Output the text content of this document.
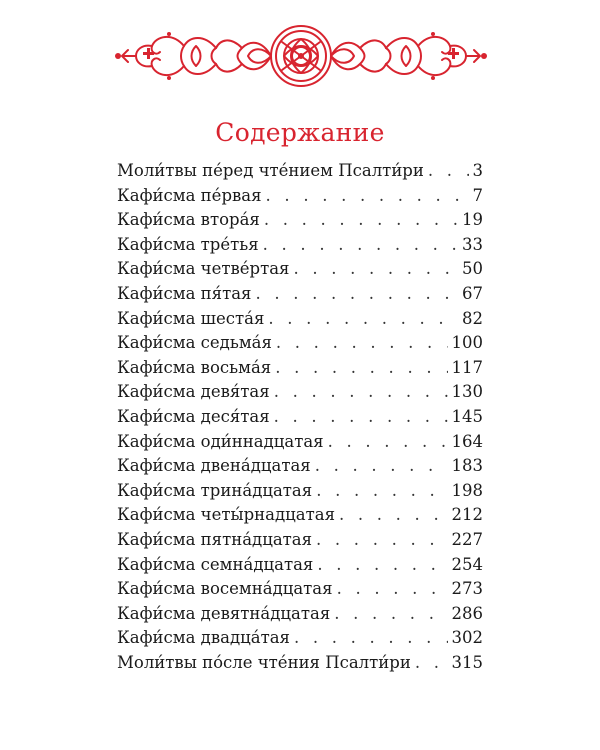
Содержание
Моли́твы пе́ред чте́нием Псалти́ри . . .	3
Кафи́сма пе́рвая . . .	7
Кафи́сма втора́я . . .	19
Кафи́сма тре́тья . . .	33
Кафи́сма четве́ртая . . .	50
Кафи́сма пя́тая . . .	67
Кафи́сма шеста́я . . .	82
Кафи́сма седьма́я . . .	100
Кафи́сма восьма́я . . .	117
Кафи́сма девя́тая . . .	130
Кафи́сма деся́тая . . .	145
Кафи́сма оди́ннадцатая . . .	164
Кафи́сма двена́дцатая . . .	183
Кафи́сма трина́дцатая . . .	198
Кафи́сма четы́рнадцатая . . .	212
Кафи́сма пятна́дцатая . . .	227
Кафи́сма семна́дцатая . . .	254
Кафи́сма восемна́дцатая . . .	273
Кафи́сма девятна́дцатая . . .	286
Кафи́сма двадца́тая . . .	302
Моли́твы по́сле чте́ния Псалти́ри . . . 315
